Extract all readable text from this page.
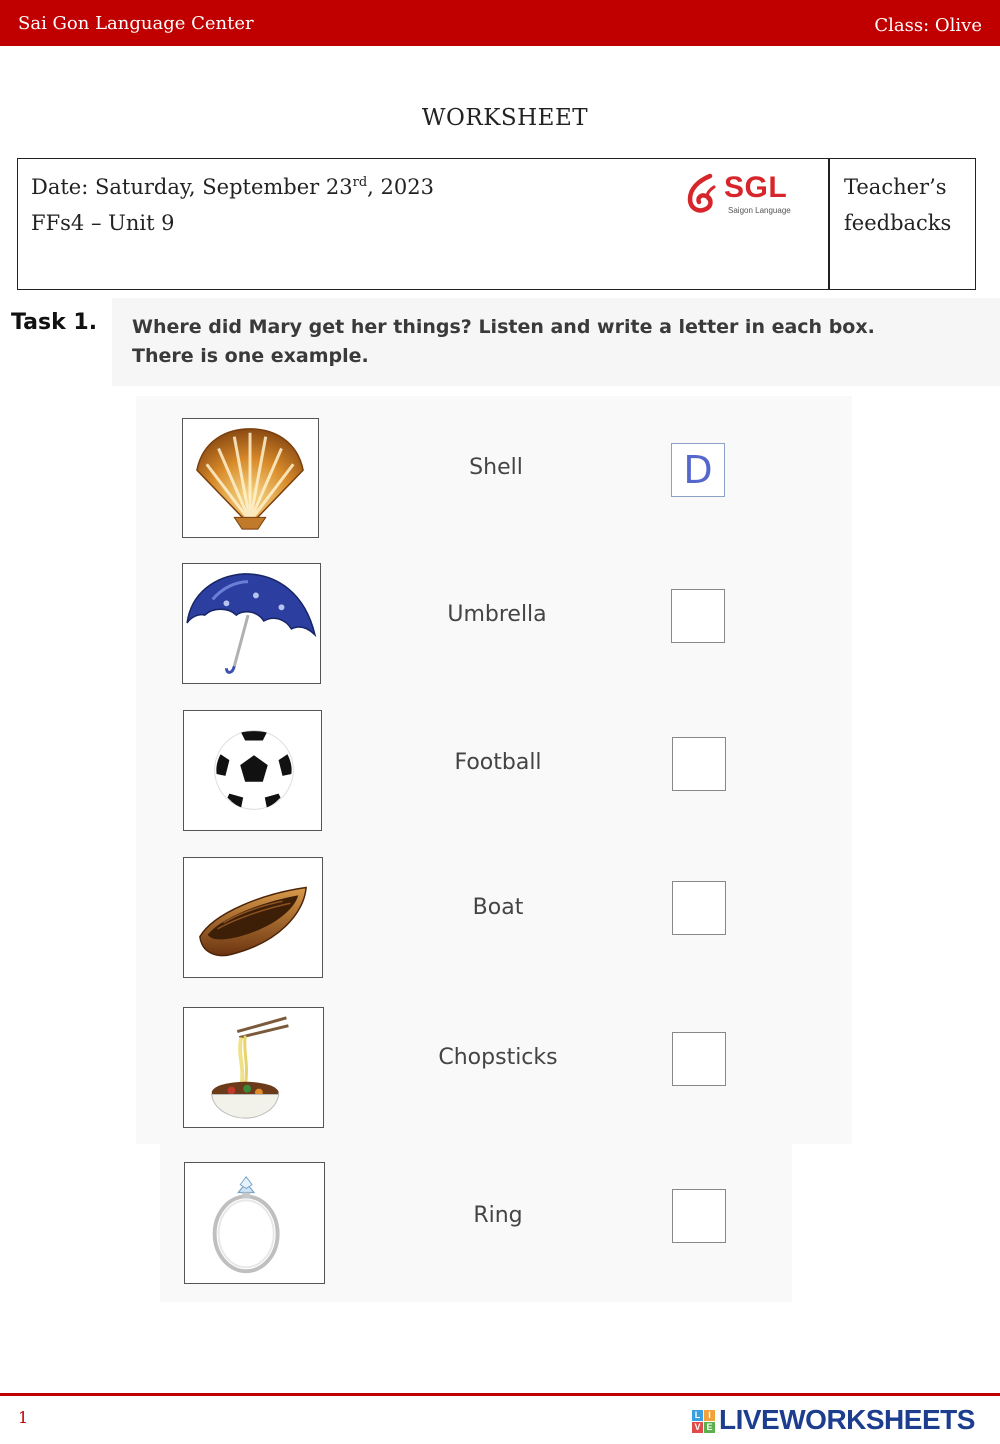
Sai Gon Language Center	Class: Olive
WORKSHEET
Date: Saturday, September 23rd, 2023
FFs4 – Unit 9
SGL
Saigon Language
Teacher’s
feedbacks
Task 1. Where did Mary get her things? Listen and write a letter in each box.
There is one example.
Shell	D
Umbrella
Football
Boat
Chopsticks
Ring
1	L I
V E LIVEWORKSHEETS
